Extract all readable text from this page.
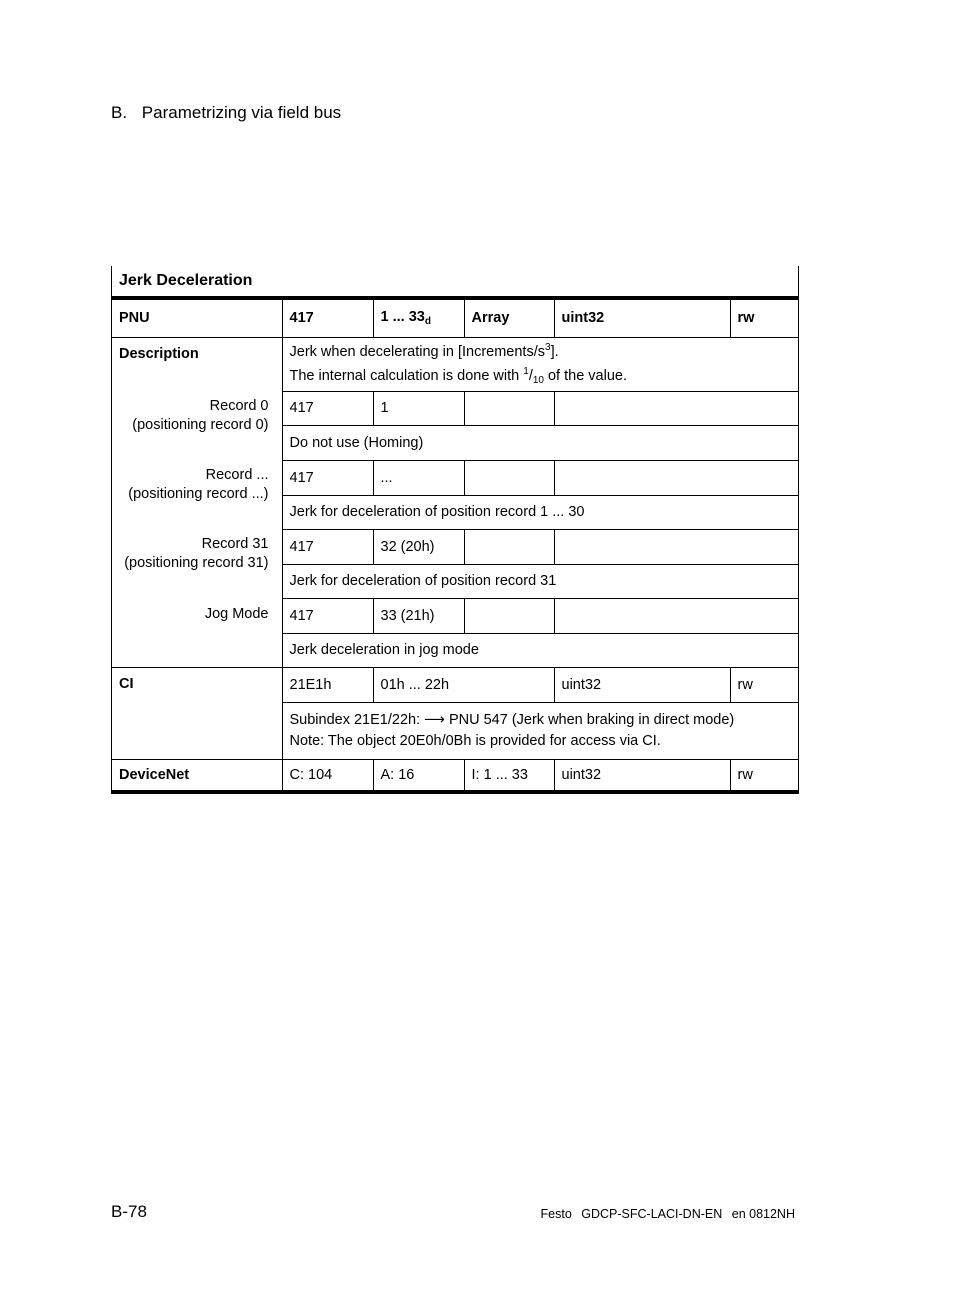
B. Parametrizing via field bus
Jerk Deceleration
PNU	417	1 ... $33_d$	Array	uint32	rw
Description	Jerk when decelerating in $[Increments/s^3]$.
The internal calculation is done with $^1/_{10}$ of the value.				

Record 0
(positioning record 0)	417	1			
	Do not use (Homing)				

Record ...
(positioning record ...)	417	...			
	Jerk for deceleration of position record 1 ... 30				

Record 31
(positioning record 31)	417	32 (20h)			
	Jerk for deceleration of position record 31				

Jog Mode	417	33 (21h)			
	Jerk deceleration in jog mode				
CI	21E1h	01h ... 22h		uint32	rw

	Subindex 21E1/22h: ⟶ PNU 547 (Jerk when braking in direct mode)
Note: The object 20E0h/0Bh is provided for access via CI.				

DeviceNet	C: 104	A: 16	I: 1 ... 33	uint32	rw
B-78	Festo GDCP-SFC-LACI-DN-EN en 0812NH
